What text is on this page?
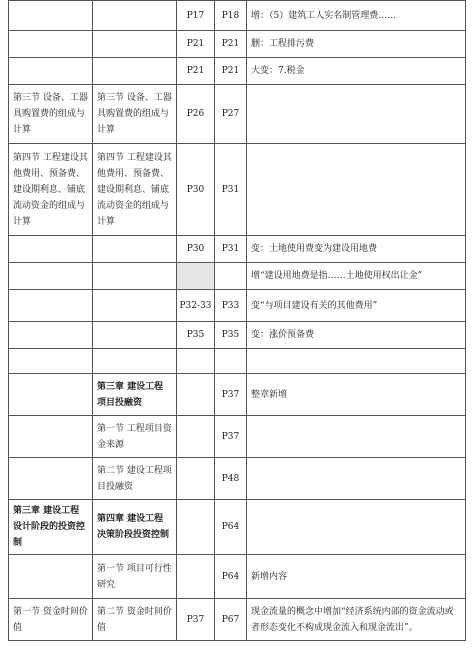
		P17	P18	增：（5）建筑工人实名制管理费……
		P21	P21	删：工程排污费
		P21	P21	大变：7.税金
第三节 设备、工器具购置费的组成与计算	第三节 设备、工器具购置费的组成与计算	P26	P27	
第四节 工程建设其他费用、预备费、建设期利息、铺底流动资金的组成与计算	第四节 工程建设其他费用、预备费、建设期利息、铺底流动资金的组成与计算	P30	P31	
		P30	P31	变：土地使用费变为建设用地费
				增“建设用地费是指……土地使用权出让金”
		P32-33	P33	变“与项目建设有关的其他费用”
		P35	P35	变：涨价预备费

	第三章 建设工程项目投融资		P37	整章新增
	第一节 工程项目资金来源		P37	
	第二节 建设工程项目投融资		P48	
第三章 建设工程设计阶段的投资控制	第四章 建设工程决策阶段投资控制		P64	
	第一节 项目可行性研究		P64	新增内容
第一节 资金时间价值	第二节 资金时间价值	P37	P67	现金流量的概念中增加“经济系统内部的资金流动或者形态变化不构成现金流入和现金流出”。
